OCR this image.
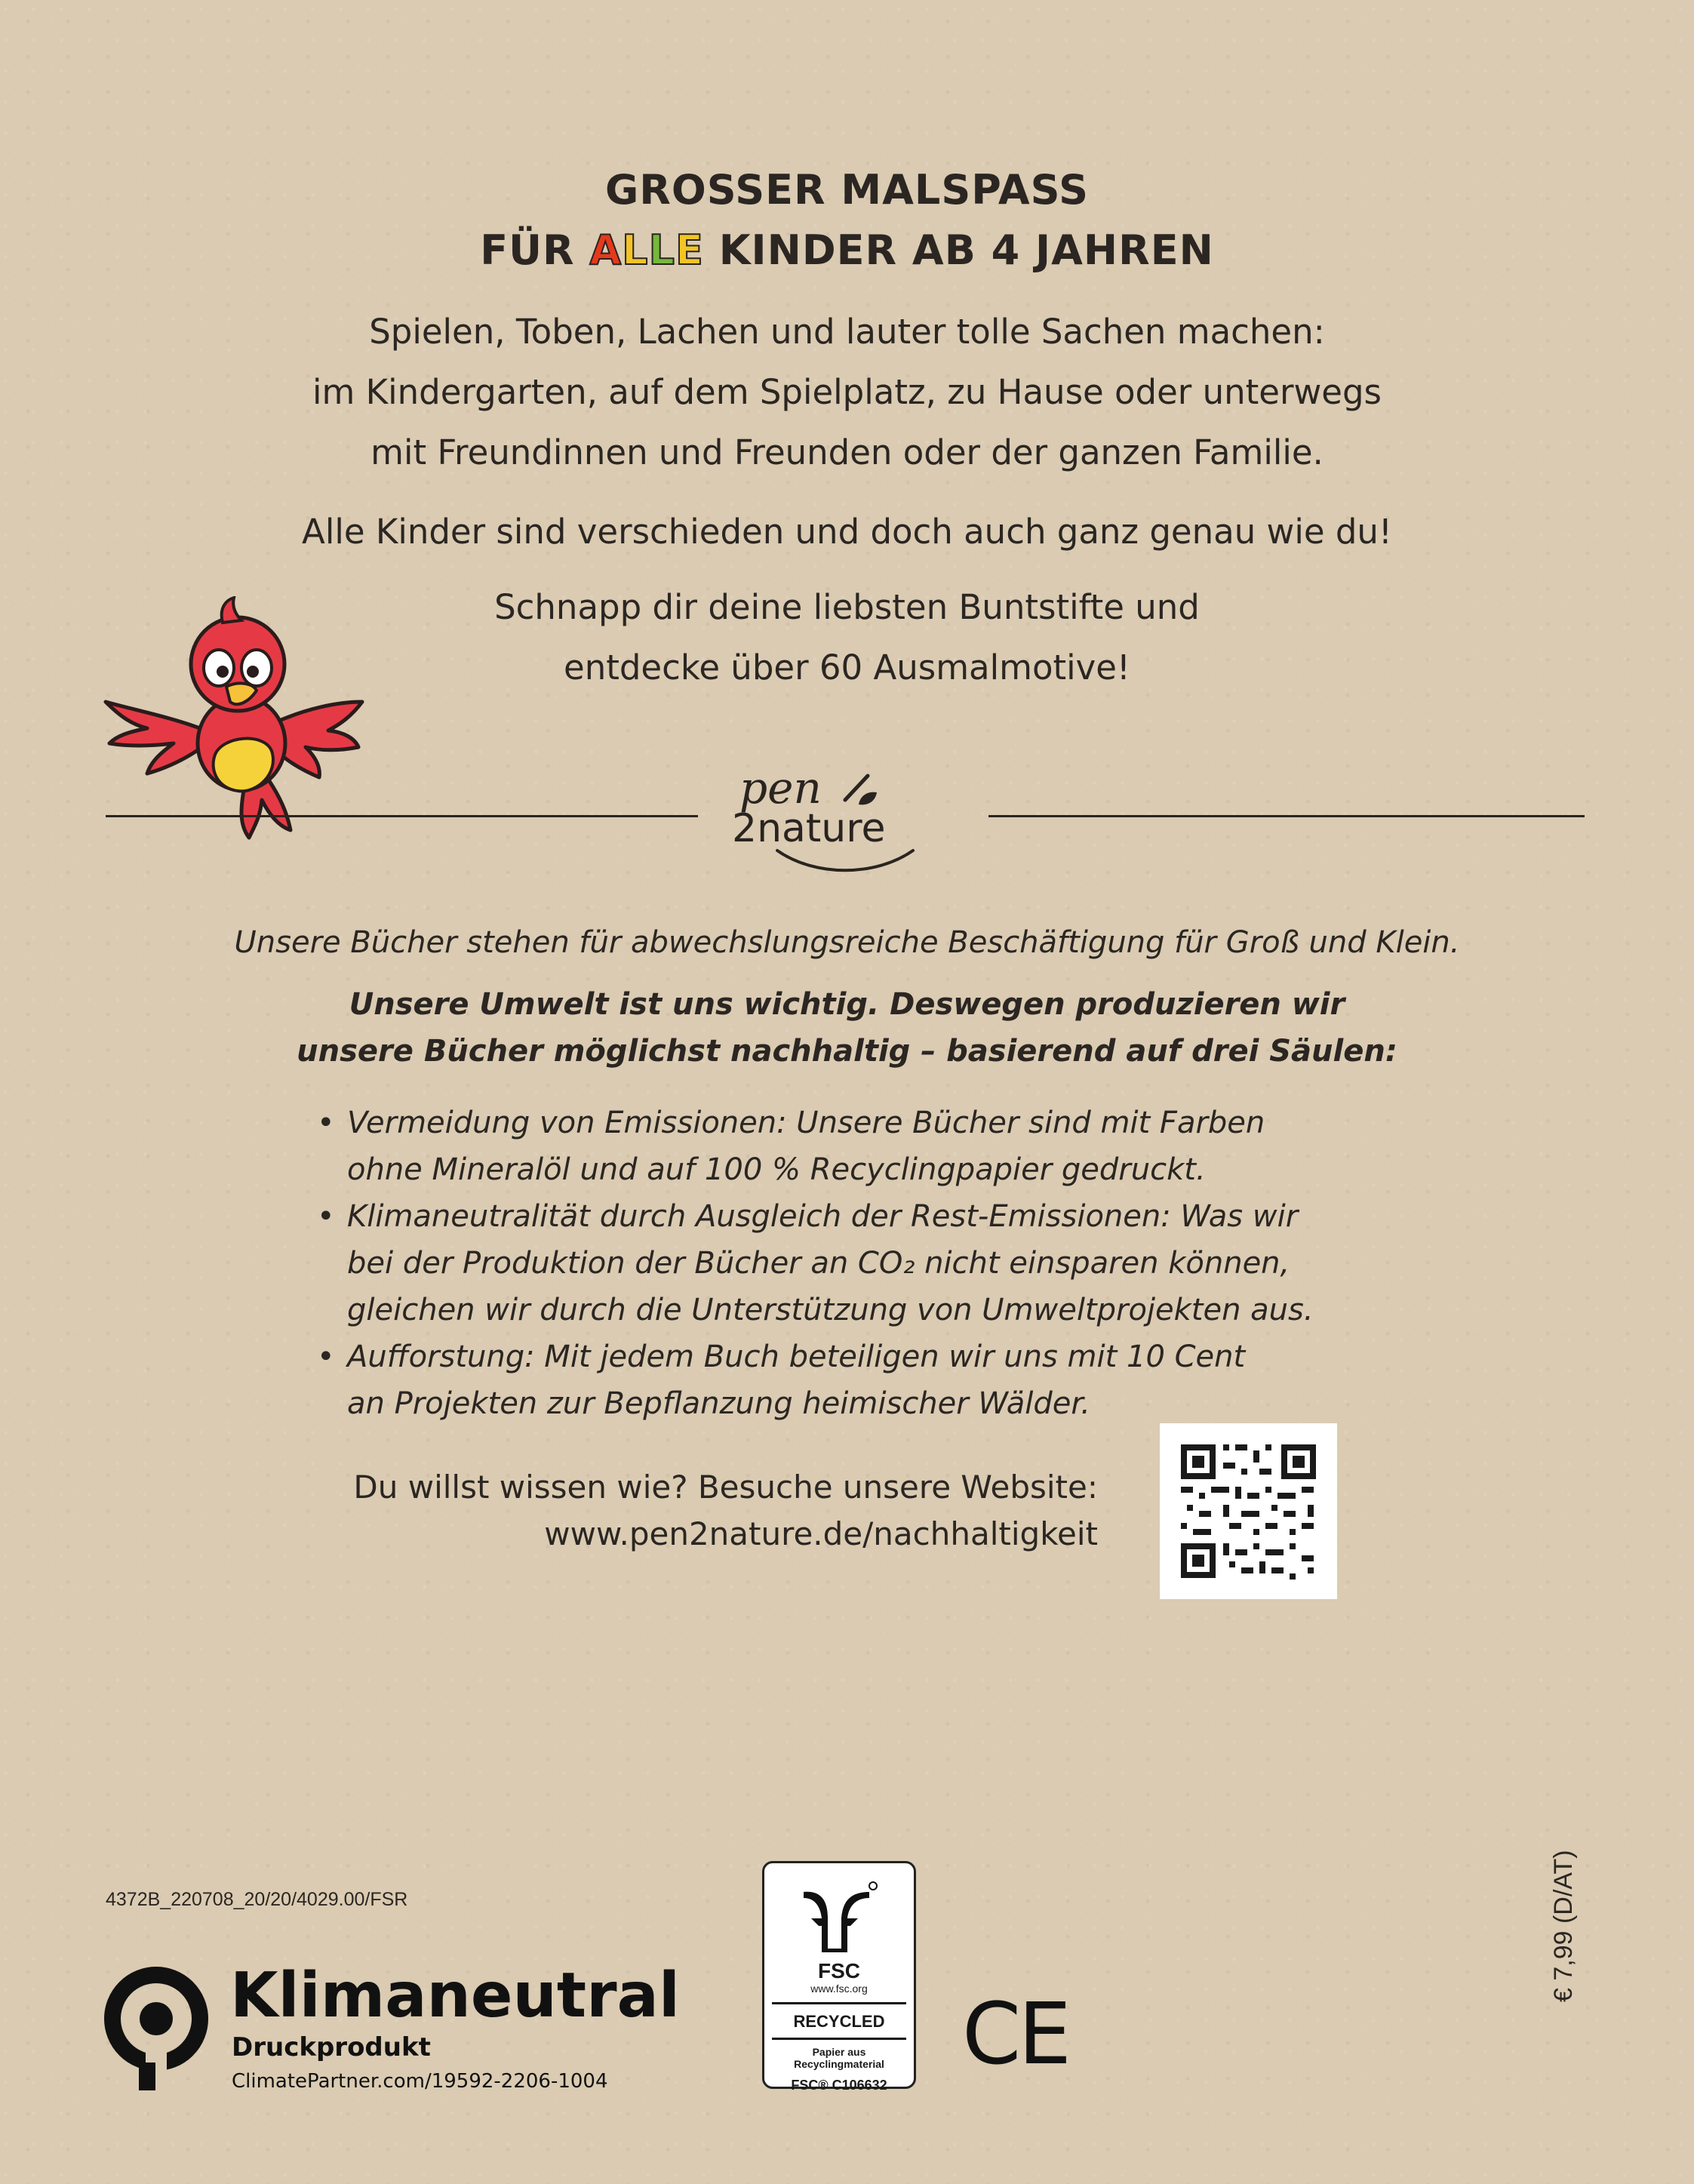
GROSSER MALSPASS
FÜR ALLE KINDER AB 4 JAHREN
Spielen, Toben, Lachen und lauter tolle Sachen machen:
im Kindergarten, auf dem Spielplatz, zu Hause oder unterwegs
mit Freundinnen und Freunden oder der ganzen Familie.
Alle Kinder sind verschieden und doch auch ganz genau wie du!
Schnapp dir deine liebsten Buntstifte und
entdecke über 60 Ausmalmotive!
pen
2nature
Unsere Bücher stehen für abwechslungsreiche Beschäftigung für Groß und Klein.
Unsere Umwelt ist uns wichtig. Deswegen produzieren wir
unsere Bücher möglichst nachhaltig – basierend auf drei Säulen:
• Vermeidung von Emissionen: Unsere Bücher sind mit Farben
ohne Mineralöl und auf 100 % Recyclingpapier gedruckt.
• Klimaneutralität durch Ausgleich der Rest-Emissionen: Was wir
bei der Produktion der Bücher an CO₂ nicht einsparen können,
gleichen wir durch die Unterstützung von Umweltprojekten aus.
• Aufforstung: Mit jedem Buch beteiligen wir uns mit 10 Cent
an Projekten zur Bepflanzung heimischer Wälder.
Du willst wissen wie? Besuche unsere Website:
www.pen2nature.de/nachhaltigkeit
4372B_220708_20/20/4029.00/FSR
Klimaneutral
Druckprodukt
ClimatePartner.com/19592-2206-1004
FSC
www.fsc.org
RECYCLED
Papier aus
Recyclingmaterial
FSC® C106632
CE
€ 7,99 (D/AT)
